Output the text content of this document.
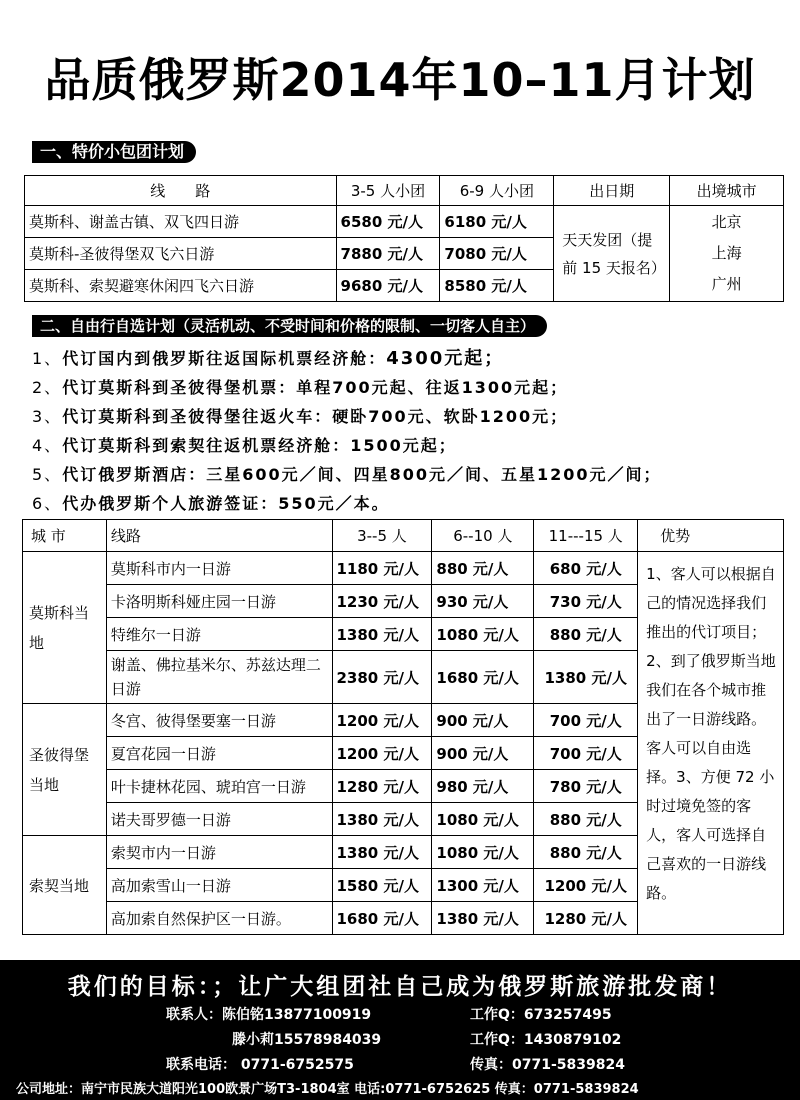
品质俄罗斯2014年10–11月计划
一、特价小包团计划
线　　路	3-5 人小团	6-9 人小团	出日期	出境城市
莫斯科、谢盖古镇、双飞四日游	6580 元/人	6180 元/人	天天发团（提前 15 天报名）	北京
上海
广州

莫斯科-圣彼得堡双飞六日游	7880 元/人	7080 元/人		
莫斯科、索契避寒休闲四飞六日游	9680 元/人	8580 元/人		
二、自由行自选计划（灵活机动、不受时间和价格的限制、一切客人自主）
1、代订国内到俄罗斯往返国际机票经济舱：4300元起；
2、代订莫斯科到圣彼得堡机票：单程700元起、往返1300元起；
3、代订莫斯科到圣彼得堡往返火车：硬卧700元、软卧1200元；
4、代订莫斯科到索契往返机票经济舱：1500元起；
5、代订俄罗斯酒店：三星600元／间、四星800元／间、五星1200元／间；
6、代办俄罗斯个人旅游签证：550元／本。
城 市	线路	3--5 人	6--10 人	11---15 人	优势
莫斯科当地	莫斯科市内一日游	1180 元/人	880 元/人	680 元/人	1、客人可以根据自己的情况选择我们推出的代订项目；2、到了俄罗斯当地我们在各个城市推出了一日游线路。客人可以自由选择。3、方便 72 小时过境免签的客人，客人可选择自己喜欢的一日游线路。
	卡洛明斯科娅庄园一日游	1230 元/人	930 元/人	730 元/人	
	特维尔一日游	1380 元/人	1080 元/人	880 元/人	
	谢盖、佛拉基米尔、苏兹达理二日游	2380 元/人	1680 元/人	1380 元/人	
圣彼得堡当地	冬宫、彼得堡要塞一日游	1200 元/人	900 元/人	700 元/人	
	夏宫花园一日游	1200 元/人	900 元/人	700 元/人	
	叶卡捷林花园、琥珀宫一日游	1280 元/人	980 元/人	780 元/人	
	诺夫哥罗德一日游	1380 元/人	1080 元/人	880 元/人	
索契当地	索契市内一日游	1380 元/人	1080 元/人	880 元/人	
	高加索雪山一日游	1580 元/人	1300 元/人	1200 元/人	
	高加索自然保护区一日游。	1680 元/人	1380 元/人	1280 元/人	
我们的目标：；让广大组团社自己成为俄罗斯旅游批发商！
联系人：陈伯铭13877100919	工作Q：673257495
滕小莉15578984039	工作Q：1430879102
联系电话： 0771-6752575	传真：0771-5839824
公司地址：南宁市民族大道阳光100欧景广场T3-1804室 电话:0771-6752625 传真：0771-5839824
